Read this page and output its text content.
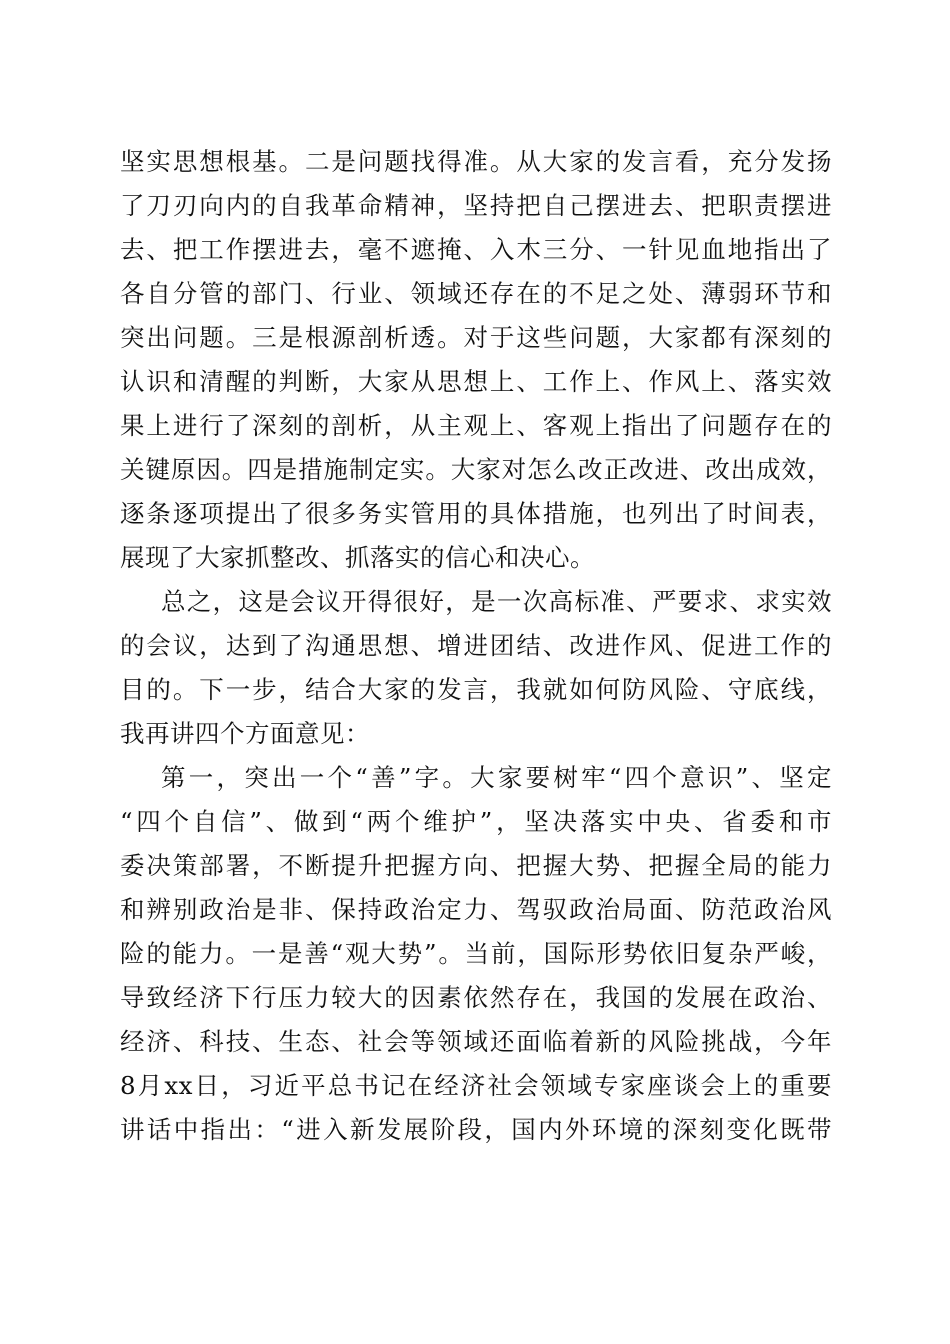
坚实思想根基。二是问题找得准。从大家的发言看，充分发扬
了刀刃向内的自我革命精神，坚持把自己摆进去、把职责摆进
去、把工作摆进去，毫不遮掩、入木三分、一针见血地指出了
各自分管的部门、行业、领域还存在的不足之处、薄弱环节和
突出问题。三是根源剖析透。对于这些问题，大家都有深刻的
认识和清醒的判断，大家从思想上、工作上、作风上、落实效
果上进行了深刻的剖析，从主观上、客观上指出了问题存在的
关键原因。四是措施制定实。大家对怎么改正改进、改出成效，
逐条逐项提出了很多务实管用的具体措施，也列出了时间表，
展现了大家抓整改、抓落实的信心和决心。
总之，这是会议开得很好，是一次高标准、严要求、求实效
的会议，达到了沟通思想、增进团结、改进作风、促进工作的
目的。下一步，结合大家的发言，我就如何防风险、守底线，
我再讲四个方面意见：
第一，突出一个“善”字。大家要树牢“四个意识”、坚定
“四个自信”、做到“两个维护”，坚决落实中央、省委和市
委决策部署，不断提升把握方向、把握大势、把握全局的能力
和辨别政治是非、保持政治定力、驾驭政治局面、防范政治风
险的能力。一是善“观大势”。当前，国际形势依旧复杂严峻，
导致经济下行压力较大的因素依然存在，我国的发展在政治、
经济、科技、生态、社会等领域还面临着新的风险挑战，今年
8月xx日，习近平总书记在经济社会领域专家座谈会上的重要
讲话中指出：“进入新发展阶段，国内外环境的深刻变化既带
